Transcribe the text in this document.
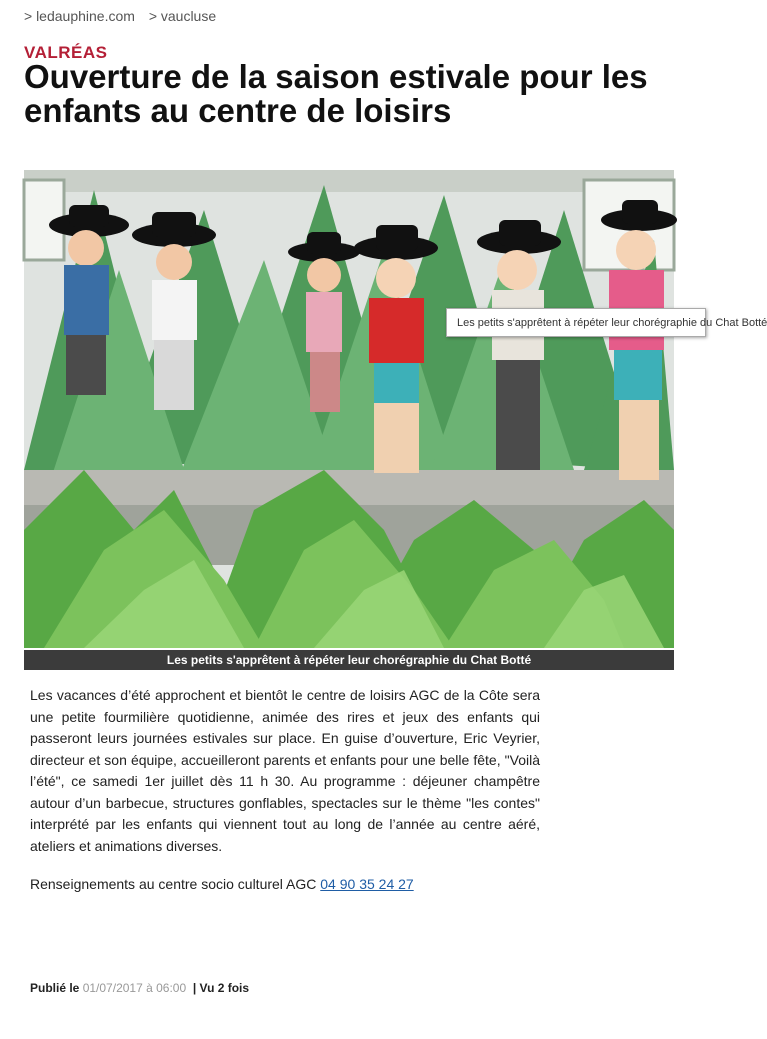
> ledauphine.com > vaucluse
VALRÉAS
Ouverture de la saison estivale pour les enfants au centre de loisirs
Les petits s'apprêtent à répéter leur chorégraphie du Chat Botté
Les petits s'apprêtent à répéter leur chorégraphie du Chat Botté

Les vacances d’été approchent et bientôt le centre de loisirs AGC de la Côte sera une petite fourmilière quotidienne, animée des rires et jeux des enfants qui passeront leurs journées estivales sur place. En guise d’ouverture, Eric Veyrier, directeur et son équipe, accueilleront parents et enfants pour une belle fête, "Voilà l’été", ce samedi 1er juillet dès 11 h 30. Au programme : déjeuner champêtre autour d’un barbecue, structures gonflables, spectacles sur le thème "les contes" interprété par les enfants qui viennent tout au long de l’année au centre aéré, ateliers et animations diverses.

Renseignements au centre socio culturel AGC 04 90 35 24 27
Publié le 01/07/2017 à 06:00 | Vu 2 fois
